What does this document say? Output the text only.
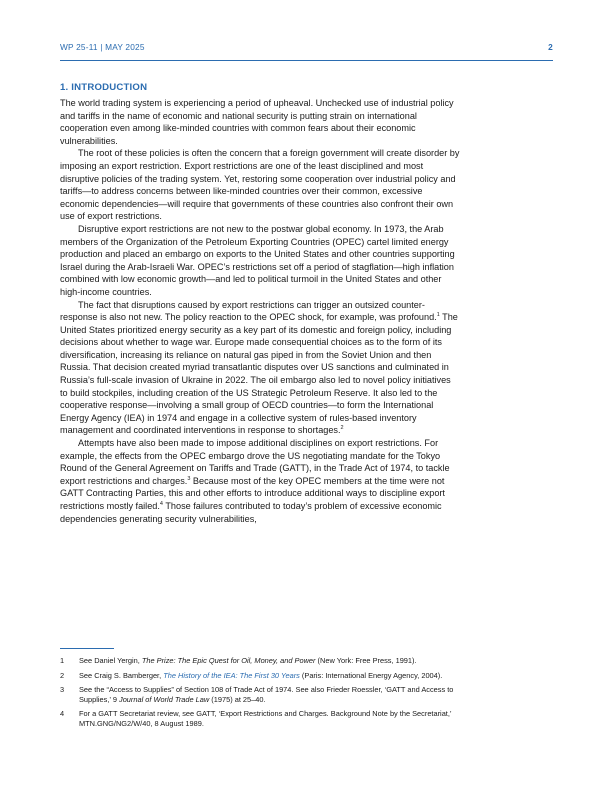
WP 25-11 | MAY 2025	2
1. INTRODUCTION

The world trading system is experiencing a period of upheaval. Unchecked use of industrial policy and tariffs in the name of economic and national security is putting strain on international cooperation even among like-minded countries with common fears about their economic vulnerabilities.

The root of these policies is often the concern that a foreign government will create disorder by imposing an export restriction. Export restrictions are one of the least disciplined and most disruptive policies of the trading system. Yet, restoring some cooperation over industrial policy and tariffs—to address concerns between like-minded countries over their common, excessive economic dependencies—will require that governments of these countries also confront their own use of export restrictions.

Disruptive export restrictions are not new to the postwar global economy. In 1973, the Arab members of the Organization of the Petroleum Exporting Countries (OPEC) cartel limited energy production and placed an embargo on exports to the United States and other countries supporting Israel during the Arab-Israeli War. OPEC’s restrictions set off a period of stagflation—high inflation combined with low economic growth—and led to political turmoil in the United States and other high-income countries.

The fact that disruptions caused by export restrictions can trigger an outsized counter-response is also not new. The policy reaction to the OPEC shock, for example, was profound.$^1$ The United States prioritized energy security as a key part of its domestic and foreign policy, including decisions about whether to wage war. Europe made consequential choices as to the form of its diversification, increasing its reliance on natural gas piped in from the Soviet Union and then Russia. That decision created myriad transatlantic disputes over US sanctions and culminated in Russia’s full-scale invasion of Ukraine in 2022. The oil embargo also led to novel policy initiatives to build stockpiles, including creation of the US Strategic Petroleum Reserve. It also led to the cooperative response—involving a small group of OECD countries—to form the International Energy Agency (IEA) in 1974 and engage in a collective system of rules-based inventory management and coordinated interventions in response to shortages.$^2$

Attempts have also been made to impose additional disciplines on export restrictions. For example, the effects from the OPEC embargo drove the US negotiating mandate for the Tokyo Round of the General Agreement on Tariffs and Trade (GATT), in the Trade Act of 1974, to tackle export restrictions and charges.$^3$ Because most of the key OPEC members at the time were not GATT Contracting Parties, this and other efforts to introduce additional ways to discipline export restrictions mostly failed.$^4$ Those failures contributed to today’s problem of excessive economic dependencies generating security vulnerabilities,

1 See Daniel Yergin, The Prize: The Epic Quest for Oil, Money, and Power (New York: Free Press, 1991).
2 See Craig S. Bamberger, The History of the IEA: The First 30 Years (Paris: International Energy Agency, 2004).
3 See the “Access to Supplies” of Section 108 of Trade Act of 1974. See also Frieder Roessler, ‘GATT and Access to Supplies,’ 9 Journal of World Trade Law (1975) at 25–40.
4 For a GATT Secretariat review, see GATT, ‘Export Restrictions and Charges. Background Note by the Secretariat,’ MTN.GNG/NG2/W/40, 8 August 1989.
